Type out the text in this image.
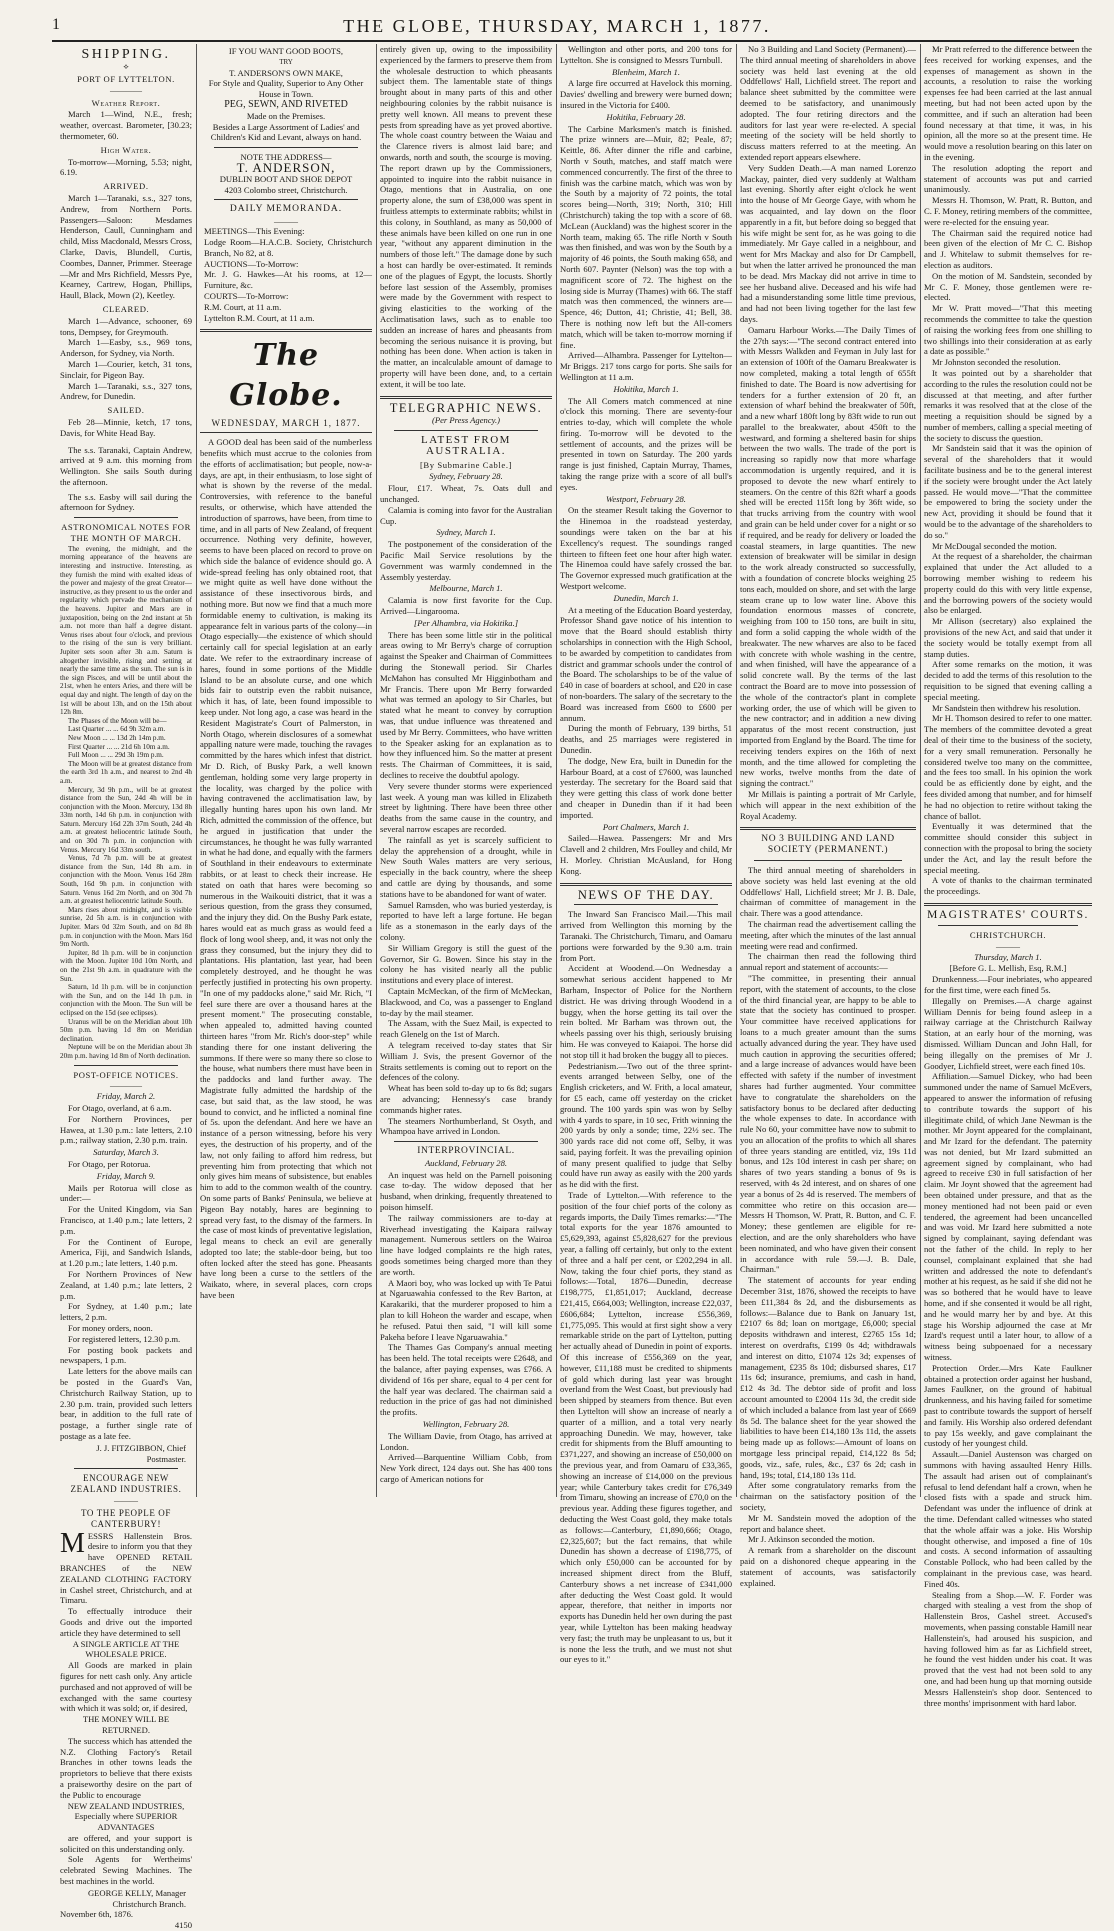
1	THE GLOBE, THURSDAY, MARCH 1, 1877.
SHIPPING.
⟡
PORT OF LYTTELTON.
————
Weather Report.

March 1—Wind, N.E., fresh; weather, overcast. Barometer, [30.23; thermometer, 60.

High Water.

To-morrow—Morning, 5.53; night, 6.19.

ARRIVED.

March 1—Taranaki, s.s., 327 tons, Andrew, from Northern Ports. Passengers—Saloon: Mesdames Henderson, Caull, Cunningham and child, Miss Macdonald, Messrs Cross, Clarke, Davis, Blundell, Curtis, Coombes, Danner, Primmer. Steerage—Mr and Mrs Richfield, Messrs Pye, Kearney, Cartrew, Hogan, Phillips, Haull, Black, Mown (2), Keetley.

CLEARED.

March 1—Advance, schooner, 69 tons, Dempsey, for Greymouth.

March 1—Easby, s.s., 969 tons, Anderson, for Sydney, via North.

March 1—Courier, ketch, 31 tons, Sinclair, for Pigeon Bay.

March 1—Taranaki, s.s., 327 tons, Andrew, for Dunedin.

SAILED.

Feb 28—Minnie, ketch, 17 tons, Davis, for White Head Bay.

The s.s. Taranaki, Captain Andrew, arrived at 9 a.m. this morning from Wellington. She sails South during the afternoon.

The s.s. Easby will sail during the afternoon for Sydney.

ASTRONOMICAL NOTES FOR THE MONTH OF MARCH.

The evening, the midnight, and the morning appearance of the heavens are interesting and instructive. Interesting, as they furnish the mind with exalted ideas of the power and majesty of the great Creator—instructive, as they present to us the order and regularity which pervade the mechanism of the heavens. Jupiter and Mars are in juxtaposition, being on the 2nd instant at 5h a.m. not more than half a degree distant. Venus rises about four o'clock, and previous to the rising of the sun is very brilliant. Jupiter sets soon after 3h a.m. Saturn is altogether invisible, rising and setting at nearly the same time as the sun. The sun is in the sign Pisces, and will be until about the 21st, when he enters Aries, and there will be equal day and night. The length of day on the 1st will be about 13h, and on the 15th about 12h 8m.

The Phases of the Moon will be—

Last Quarter ... ... 6d 9h 32m a.m.

New Moon ... ... 13d 2h 14m p.m.

First Quarter ... ... 21d 6h 10m a.m.

Full Moon ... ... 29d 3h 19m p.m.

The Moon will be at greatest distance from the earth 3rd 1h a.m., and nearest to 2nd 4h a.m.

Mercury, 3d 9h p.m., will be at greatest distance from the Sun, 24d 4h will be in conjunction with the Moon. Mercury, 13d 8h 33m north, 14d 6h p.m. in conjunction with Saturn. Mercury 16d 22h 37m South, 24d 4h a.m. at greatest heliocentric latitude South, and on 30d 7h p.m. in conjunction with Venus. Mercury 16d 33m south.

Venus, 7d 7h p.m. will be at greatest distance from the Sun, 14d 8h a.m. in conjunction with the Moon. Venus 16d 28m South, 16d 9h p.m. in conjunction with Saturn. Venus 16d 2m North, and on 30d 7h a.m. at greatest heliocentric latitude South.

Mars rises about midnight, and is visible sunrise, 2d 5h a.m. is in conjunction with Jupiter. Mars 0d 32m South, and on 8d 8h p.m. in conjunction with the Moon. Mars 16d 9m North.

Jupiter, 8d 1h p.m. will be in conjunction with the Moon. Jupiter 10d 10m North, and on the 21st 9h a.m. in quadrature with the Sun.

Saturn, 1d 1h p.m. will be in conjunction with the Sun, and on the 14d 1h p.m. in conjunction with the Moon. The Sun will be eclipsed on the 15d (see eclipses).

Uranus will be on the Meridian about 10h 50m p.m. having 1d 8m on Meridian declination.

Neptune will be on the Meridian about 3h 20m p.m. having 1d 8m of North declination.

POST-OFFICE NOTICES.
————
Friday, March 2.

For Otago, overland, at 6 a.m.

For Northern Provinces, per Hawea, at 1.30 p.m.: late letters, 2.10 p.m.; railway station, 2.30 p.m. train.

Saturday, March 3.

For Otago, per Rotorua.

Friday, March 9.

Mails per Rotorua will close as under:—

For the United Kingdom, via San Francisco, at 1.40 p.m.; late letters, 2 p.m.

For the Continent of Europe, America, Fiji, and Sandwich Islands, at 1.20 p.m.; late letters, 1.40 p.m.

For Northern Provinces of New Zealand, at 1.40 p.m.; late letters, 2 p.m.

For Sydney, at 1.40 p.m.; late letters, 2 p.m.

For money orders, noon.

For registered letters, 12.30 p.m.

For posting book packets and newspapers, 1 p.m.

Late letters for the above mails can be posted in the Guard's Van, Christchurch Railway Station, up to 2.30 p.m. train, provided such letters bear, in addition to the full rate of postage, a further single rate of postage as a late fee.

J. J. FITZGIBBON, Chief Postmaster.
ENCOURAGE NEW ZEALAND INDUSTRIES.
———
TO THE PEOPLE OF CANTERBURY!

MESSRS Hallenstein Bros. desire to inform you that they have OPENED RETAIL BRANCHES of the NEW ZEALAND CLOTHING FACTORY in Cashel street, Christchurch, and at Timaru.

To effectually introduce their Goods and drive out the imported article they have determined to sell

A SINGLE ARTICLE AT THE WHOLESALE PRICE.

All Goods are marked in plain figures for nett cash only. Any article purchased and not approved of will be exchanged with the same courtesy with which it was sold; or, if desired,

THE MONEY WILL BE RETURNED.

The success which has attended the N.Z. Clothing Factory's Retail Branches in other towns leads the proprietors to believe that there exists a praiseworthy desire on the part of the Public to encourage

NEW ZEALAND INDUSTRIES, Especially where SUPERIOR ADVANTAGES

are offered, and your support is solicited on this understanding only.

Sole Agents for Wertheims' celebrated Sewing Machines. The best machines in the world.

GEORGE KELLY, Manager Christchurch Branch.
November 6th, 1876.
4150
IF YOU WANT GOOD BOOTS,
TRY
T. ANDERSON'S OWN MAKE,
For Style and Quality, Superior to Any Other House in Town.
PEG, SEWN, AND RIVETED
Made on the Premises.
Besides a Large Assortment of Ladies' and Children's Kid and Levant, always on hand.
NOTE THE ADDRESS—
T. ANDERSON,
DUBLIN BOOT AND SHOE DEPOT
4203 Colombo street, Christchurch.
DAILY MEMORANDA.
———

MEETINGS—This Evening:

Lodge Room—H.A.C.B. Society, Christchurch Branch, No 82, at 8.

AUCTIONS—To-Morrow:

Mr. J. G. Hawkes—At his rooms, at 12—Furniture, &c.

COURTS—To-Morrow:

R.M. Court, at 11 a.m.

Lyttelton R.M. Court, at 11 a.m.

The Globe.
WEDNESDAY, MARCH 1, 1877.

A GOOD deal has been said of the numberless benefits which must accrue to the colonies from the efforts of acclimatisation; but people, now-a-days, are apt, in their enthusiasm, to lose sight of what is shown by the reverse of the medal. Controversies, with reference to the baneful results, or otherwise, which have attended the introduction of sparrows, have been, from time to time, and in all parts of New Zealand, of frequent occurrence. Nothing very definite, however, seems to have been placed on record to prove on which side the balance of evidence should go. A wide-spread feeling has only obtained root, that we might quite as well have done without the assistance of these insectivorous birds, and nothing more. But now we find that a much more formidable enemy to cultivation, is making its appearance felt in various parts of the colony—in Otago especially—the existence of which should certainly call for special legislation at an early date. We refer to the extraordinary increase of hares, found in some portions of the Middle Island to be an absolute curse, and one which bids fair to outstrip even the rabbit nuisance, which it has, of late, been found impossible to keep under. Not long ago, a case was heard in the Resident Magistrate's Court of Palmerston, in North Otago, wherein disclosures of a somewhat appalling nature were made, touching the ravages committed by the hares which infest that district. Mr D. Rich, of Busky Park, a well known gentleman, holding some very large property in the locality, was charged by the police with having contravened the acclimatisation law, by illegally hunting hares upon his own land. Mr Rich, admitted the commission of the offence, but he argued in justification that under the circumstances, he thought he was fully warranted in what he had done, and equally with the farmers of Southland in their endeavours to exterminate rabbits, or at least to check their increase. He stated on oath that hares were becoming so numerous in the Waikouiti district, that it was a serious question, from the grass they consumed, and the injury they did. On the Bushy Park estate, hares would eat as much grass as would feed a flock of long wool sheep, and, it was not only the grass they consumed, but the injury they did to plantations. His plantation, last year, had been completely destroyed, and he thought he was perfectly justified in protecting his own property. "In one of my paddocks alone," said Mr. Rich, "I feel sure there are over a thousand hares at the present moment." The prosecuting constable, when appealed to, admitted having counted thirteen hares "from Mr. Rich's door-step" while standing there for one instant delivering the summons. If there were so many there so close to the house, what numbers there must have been in the paddocks and land further away. The Magistrate fully admitted the hardship of the case, but said that, as the law stood, he was bound to convict, and he inflicted a nominal fine of 5s. upon the defendant. And here we have an instance of a person witnessing, before his very eyes, the destruction of his property, and of the law, not only failing to afford him redress, but preventing him from protecting that which not only gives him means of subsistence, but enables him to add to the common wealth of the country. On some parts of Banks' Peninsula, we believe at Pigeon Bay notably, hares are beginning to spread very fast, to the dismay of the farmers. In the case of most kinds of preventative legislation, legal means to check an evil are generally adopted too late; the stable-door being, but too often locked after the steed has gone. Pheasants have long been a curse to the settlers of the Waikato, where, in several places, corn crops have been

entirely given up, owing to the impossibility experienced by the farmers to preserve them from the wholesale destruction to which pheasants subject them. The lamentable state of things brought about in many parts of this and other neighbouring colonies by the rabbit nuisance is pretty well known. All means to prevent these pests from spreading have as yet proved abortive. The whole coast country between the Waiau and the Clarence rivers is almost laid bare; and onwards, north and south, the scourge is moving. The report drawn up by the Commissioners, appointed to inquire into the rabbit nuisance in Otago, mentions that in Australia, on one property alone, the sum of £38,000 was spent in fruitless attempts to exterminate rabbits; whilst in this colony, in Southland, as many as 50,000 of these animals have been killed on one run in one year, "without any apparent diminution in the numbers of those left." The damage done by such a host can hardly be over-estimated. It reminds one of the plagues of Egypt, the locusts. Shortly before last session of the Assembly, promises were made by the Government with respect to giving elasticities to the working of the Acclimatisation laws, such as to enable too sudden an increase of hares and pheasants from becoming the serious nuisance it is proving, but nothing has been done. When action is taken in the matter, an incalculable amount of damage to property will have been done, and, to a certain extent, it will be too late.

TELEGRAPHIC NEWS.
(Per Press Agency.)
LATEST FROM AUSTRALIA.
[By Submarine Cable.]
Sydney, February 28.

Flour, £17. Wheat, 7s. Oats dull and unchanged.

Calamia is coming into favor for the Australian Cup.

Sydney, March 1.

The postponement of the consideration of the Pacific Mail Service resolutions by the Government was warmly condemned in the Assembly yesterday.

Melbourne, March 1.

Calamia is now first favorite for the Cup. Arrived—Lingarooma.

[Per Alhambra, via Hokitika.]

There has been some little stir in the political areas owing to Mr Berry's charge of corruption against the Speaker and Chairman of Committees during the Stonewall period. Sir Charles McMahon has consulted Mr Higginbotham and Mr Francis. There upon Mr Berry forwarded what was termed an apology to Sir Charles, but stated what he meant to convey by corruption was, that undue influence was threatened and used by Mr Berry. Committees, who have written to the Speaker asking for an explanation as to how they influenced him. So the matter at present rests. The Chairman of Committees, it is said, declines to receive the doubtful apology.

Very severe thunder storms were experienced last week. A young man was killed in Elizabeth street by lightning. There have been three other deaths from the same cause in the country, and several narrow escapes are recorded.

The rainfall as yet is scarcely sufficient to delay the apprehension of a drought, while in New South Wales matters are very serious, especially in the back country, where the sheep and cattle are dying by thousands, and some stations have to be abandoned for want of water.

Samuel Ramsden, who was buried yesterday, is reported to have left a large fortune. He began life as a stonemason in the early days of the colony.

Sir William Gregory is still the guest of the Governor, Sir G. Bowen. Since his stay in the colony he has visited nearly all the public institutions and every place of interest.

Captain McMeckan, of the firm of McMeckan, Blackwood, and Co, was a passenger to England to-day by the mail steamer.

The Assam, with the Suez Mail, is expected to reach Glenelg on the 1st of March.

A telegram received to-day states that Sir William J. Svis, the present Governor of the Straits settlements is coming out to report on the defences of the colony.

Wheat has been sold to-day up to 6s 8d; sugars are advancing; Hennessy's case brandy commands higher rates.

The steamers Northumberland, St Osyth, and Whampoa have arrived in London.

INTERPROVINCIAL.
Auckland, February 28.

An inquest was held on the Parnell poisoning case to-day. The widow deposed that her husband, when drinking, frequently threatened to poison himself.

The railway commissioners are to-day at Riverhead investigating the Kaipara railway management. Numerous settlers on the Wairoa line have lodged complaints re the high rates, goods sometimes being charged more than they are worth.

A Maori boy, who was locked up with Te Patui at Ngaruawahia confessed to the Rev Barton, at Karakariki, that the murderer proposed to him a plan to kill Hoheon the warder and escape, when he refused. Patui then said, "I will kill some Pakeha before I leave Ngaruawahia."

The Thames Gas Company's annual meeting has been held. The total receipts were £2648, and the balance, after paying expenses, was £766. A dividend of 16s per share, equal to 4 per cent for the half year was declared. The chairman said a reduction in the price of gas had not diminished the profits.

Wellington, February 28.

The William Davie, from Otago, has arrived at London.

Arrived—Barquentine William Cobb, from New York direct, 124 days out. She has 400 tons cargo of American notions for

Wellington and other ports, and 200 tons for Lyttelton. She is consigned to Messrs Turnbull.

Blenheim, March 1.

A large fire occurred at Havelock this morning. Davies' dwelling and brewery were burned down; insured in the Victoria for £400.

Hokitika, February 28.

The Carbine Marksmen's match is finished. The prize winners are—Muir, 82; Peale, 87; Keittle, 86. After dinner the rifle and carbine, North v South, matches, and staff match were commenced concurrently. The first of the three to finish was the carbine match, which was won by the South by a majority of 72 points, the total scores being—North, 319; North, 310; Hill (Christchurch) taking the top with a score of 68. McLean (Auckland) was the highest scorer in the North team, making 65. The rifle North v South was then finished, and was won by the South by a majority of 46 points, the South making 658, and North 607. Paynter (Nelson) was the top with a magnificent score of 72. The highest on the losing side is Murray (Thames) with 66. The staff match was then commenced, the winners are—Spence, 46; Dutton, 41; Christie, 41; Bell, 38. There is nothing now left but the All-comers match, which will be taken to-morrow morning if fine.

Arrived—Alhambra. Passenger for Lyttelton—Mr Briggs. 217 tons cargo for ports. She sails for Wellington at 11 a.m.

Hokitika, March 1.

The All Comers match commenced at nine o'clock this morning. There are seventy-four entries to-day, which will complete the whole firing. To-morrow will be devoted to the settlement of accounts, and the prizes will be presented in town on Saturday. The 200 yards range is just finished, Captain Murray, Thames, taking the range prize with a score of all bull's eyes.

Westport, February 28.

On the steamer Result taking the Governor to the Hinemoa in the roadstead yesterday, soundings were taken on the bar at his Excellency's request. The soundings ranged thirteen to fifteen feet one hour after high water. The Hinemoa could have safely crossed the bar. The Governor expressed much gratification at the Westport welcome.

Dunedin, March 1.

At a meeting of the Education Board yesterday, Professor Shand gave notice of his intention to move that the Board should establish thirty scholarships in connection with the High School, to be awarded by competition to candidates from district and grammar schools under the control of the Board. The scholarships to be of the value of £40 in case of boarders at school, and £20 in case of non-boarders. The salary of the secretary to the Board was increased from £600 to £600 per annum.

During the month of February, 139 births, 51 deaths, and 25 marriages were registered in Dunedin.

The dodge, New Era, built in Dunedin for the Harbour Board, at a cost of £7600, was launched yesterday. The secretary for the Board said that they were getting this class of work done better and cheaper in Dunedin than if it had been imported.

Port Chalmers, March 1.

Sailed—Hawea. Passengers: Mr and Mrs Clavell and 2 children, Mrs Foulley and child, Mr H. Morley. Christian McAusland, for Hong Kong.

NEWS OF THE DAY.

The Inward San Francisco Mail.—This mail arrived from Wellington this morning by the Taranaki. The Christchurch, Timaru, and Oamaru portions were forwarded by the 9.30 a.m. train from Port.

Accident at Woodend.—On Wednesday a somewhat serious accident happened to Mr Barham, Inspector of Police for the Northern district. He was driving through Woodend in a buggy, when the horse getting its tail over the rein bolted. Mr Barham was thrown out, the wheels passing over his thigh, seriously bruising him. He was conveyed to Kaiapoi. The horse did not stop till it had broken the buggy all to pieces.

Pedestrianism.—Two out of the three sprint-events arranged between Selby, one of the English cricketers, and W. Frith, a local amateur, for £5 each, came off yesterday on the cricket ground. The 100 yards spin was won by Selby with 4 yards to spare, in 10 sec, Frith winning the 200 yards by only a sonde; time, 22½ sec. The 300 yards race did not come off, Selby, it was said, paying forfeit. It was the prevailing opinion of many present qualified to judge that Selby could have run away as easily with the 200 yards as he did with the first.

Trade of Lyttelton.—With reference to the position of the four chief ports of the colony as regards imports, the Daily Times remarks:—"The total exports for the year 1876 amounted to £5,629,393, against £5,828,627 for the previous year, a falling off certainly, but only to the extent of three and a half per cent, or £202,294 in all. Now, taking the four chief ports, they stand as follows:—Total, 1876—Dunedin, decrease £198,775, £1,851,017; Auckland, decrease £21,415, £664,003; Wellington, increase £22,037, £606,684; Lyttelton, increase £556,369, £1,775,095. This would at first sight show a very remarkable stride on the part of Lyttelton, putting her actually ahead of Dunedin in point of exports. Of this increase of £556,369 on the year, however, £11,188 must be credited to shipments of gold which during last year was brought overland from the West Coast, but previously had been shipped by steamers from thence. But even then Lyttelton will show an increase of nearly a quarter of a million, and a total very nearly approaching Dunedin. We may, however, take credit for shipments from the Bluff amounting to £371,227, and showing an increase of £50,000 on the previous year, and from Oamaru of £33,365, showing an increase of £14,000 on the previous year; while Canterbury takes credit for £76,349 from Timaru, showing an increase of £70,0 on the previous year. Adding these figures together, and deducting the West Coast gold, they make totals as follows:—Canterbury, £1,890,666; Otago, £2,325,607; but the fact remains, that while Dunedin has shown a decrease of £198,775, of which only £50,000 can be accounted for by increased shipment direct from the Bluff, Canterbury shows a net increase of £341,000 after deducting the West Coast gold. It would appear, therefore, that neither in imports nor exports has Dunedin held her own during the past year, while Lyttelton has been making headway very fast; the truth may be unpleasant to us, but it is none the less the truth, and we must not shut our eyes to it."

No 3 Building and Land Society (Permanent).—The third annual meeting of shareholders in above society was held last evening at the old Oddfellows' Hall, Lichfield street. The report and balance sheet submitted by the committee were deemed to be satisfactory, and unanimously adopted. The four retiring directors and the auditors for last year were re-elected. A special meeting of the society will be held shortly to discuss matters referred to at the meeting. An extended report appears elsewhere.

Very Sudden Death.—A man named Lorenzo Mackay, painter, died very suddenly at Waltham last evening. Shortly after eight o'clock he went into the house of Mr George Gaye, with whom he was acquainted, and lay down on the floor apparently in a fit, but before doing so begged that his wife might be sent for, as he was going to die immediately. Mr Gaye called in a neighbour, and went for Mrs Mackay and also for Dr Campbell, but when the latter arrived he pronounced the man to be dead. Mrs Mackay did not arrive in time to see her husband alive. Deceased and his wife had had a misunderstanding some little time previous, and had not been living together for the last few days.

Oamaru Harbour Works.—The Daily Times of the 27th says:—"The second contract entered into with Messrs Walkden and Feyman in July last for an extension of 100ft of the Oamaru Breakwater is now completed, making a total length of 655ft finished to date. The Board is now advertising for tenders for a further extension of 20 ft, an extension of wharf behind the breakwater of 50ft, and a new wharf 180ft long by 83ft wide to run out parallel to the breakwater, about 450ft to the westward, and forming a sheltered basin for ships between the two walls. The trade of the port is increasing so rapidly now that more wharfage accommodation is urgently required, and it is proposed to devote the new wharf entirely to steamers. On the centre of this 82ft wharf a goods shed will be erected 115ft long by 36ft wide, so that trucks arriving from the country with wool and grain can be held under cover for a night or so if required, and be ready for delivery or loaded the coastal steamers, in large quantities. The new extension of breakwater will be similar in design to the work already constructed so successfully, with a foundation of concrete blocks weighing 25 tons each, moulded on shore, and set with the large steam crane up to low water line. Above this foundation enormous masses of concrete, weighing from 100 to 150 tons, are built in situ, and form a solid capping the whole width of the breakwater. The new wharves are also to be faced with concrete with whole washing in the centre, and when finished, will have the appearance of a solid concrete wall. By the terms of the last contract the Board are to move into possession of the whole of the contractor's plant in complete working order, the use of which will be given to the new contractor; and in addition a new diving apparatus of the most recent construction, just imported from England by the Board. The time for receiving tenders expires on the 16th of next month, and the time allowed for completing the new works, twelve months from the date of signing the contract."

Mr Millais is painting a portrait of Mr Carlyle, which will appear in the next exhibition of the Royal Academy.

NO 3 BUILDING AND LAND SOCIETY (PERMANENT.)

The third annual meeting of shareholders in above society was held last evening at the old Oddfellows' Hall, Lichfield street; Mr J. B. Dale, chairman of committee of management in the chair. There was a good attendance.

The chairman read the advertisement calling the meeting, after which the minutes of the last annual meeting were read and confirmed.

The chairman then read the following third annual report and statement of accounts:—

"The committee, in presenting their annual report, with the statement of accounts, to the close of the third financial year, are happy to be able to state that the society has continued to prosper. Your committee have received applications for loans to a much greater amount than the sums actually advanced during the year. They have used much caution in approving the securities offered; and a large increase of advances would have been effected with safety if the number of investment shares had further augmented. Your committee have to congratulate the shareholders on the satisfactory bonus to be declared after deducting the whole expenses to date. In accordance with rule No 60, your committee have now to submit to you an allocation of the profits to which all shares of three years standing are entitled, viz, 19s 11d bonus, and 12s 10d interest in cash per share; on shares of two years standing a bonus of 9s is reserved, with 4s 2d interest, and on shares of one year a bonus of 2s 4d is reserved. The members of committee who retire on this occasion are—Messrs H Thomson, W. Pratt, R. Button, and C. F. Money; these gentlemen are eligible for re-election, and are the only shareholders who have been nominated, and who have given their consent in accordance with rule 59.—J. B. Dale, Chairman."

The statement of accounts for year ending December 31st, 1876, showed the receipts to have been £11,384 8s 2d, and the disbursements as follows:—Balance due to Bank on January 1st, £2107 6s 8d; loan on mortgage, £6,000; special deposits withdrawn and interest, £2765 15s 1d; interest on overdrafts, £199 0s 4d; withdrawals and interest on ditto, £1074 12s 3d; expenses of management, £235 8s 10d; disbursed shares, £17 11s 6d; insurance, premiums, and cash in hand, £12 4s 3d. The debtor side of profit and loss account amounted to £2004 11s 3d, the credit side of which included a balance from last year of £669 8s 5d. The balance sheet for the year showed the liabilities to have been £14,180 13s 11d, the assets being made up as follows:—Amount of loans on mortgage less principal repaid, £14,122 8s 5d; goods, viz., safe, rules, &c., £37 6s 2d; cash in hand, 19s; total, £14,180 13s 11d.

After some congratulatory remarks from the chairman on the satisfactory position of the society,

Mr M. Sandstein moved the adoption of the report and balance sheet.

Mr J. Atkinson seconded the motion.

A remark from a shareholder on the discount paid on a dishonored cheque appearing in the statement of accounts, was satisfactorily explained.

Mr Pratt referred to the difference between the fees received for working expenses, and the expenses of management as shown in the accounts, a resolution to raise the working expenses fee had been carried at the last annual meeting, but had not been acted upon by the committee, and if such an alteration had been found necessary at that time, it was, in his opinion, all the more so at the present time. He would move a resolution bearing on this later on in the evening.

The resolution adopting the report and statement of accounts was put and carried unanimously.

Messrs H. Thomson, W. Pratt, R. Button, and C. F. Money, retiring members of the committee, were re-elected for the ensuing year.

The Chairman said the required notice had been given of the election of Mr C. C. Bishop and J. Whitelaw to submit themselves for re-election as auditors.

On the motion of M. Sandstein, seconded by Mr C. F. Money, those gentlemen were re-elected.

Mr W. Pratt moved—"That this meeting recommends the committee to take the question of raising the working fees from one shilling to two shillings into their consideration at as early a date as possible."

Mr Johnston seconded the resolution.

It was pointed out by a shareholder that according to the rules the resolution could not be discussed at that meeting, and after further remarks it was resolved that at the close of the meeting a requisition should be signed by a number of members, calling a special meeting of the society to discuss the question.

Mr Sandstein said that it was the opinion of several of the shareholders that it would facilitate business and be to the general interest if the society were brought under the Act lately passed. He would move—"That the committee be empowered to bring the society under the new Act, providing it should be found that it would be to the advantage of the shareholders to do so."

Mr McDougal seconded the motion.

At the request of a shareholder, the chairman explained that under the Act alluded to a borrowing member wishing to redeem his property could do this with very little expense, and the borrowing powers of the society would also be enlarged.

Mr Allison (secretary) also explained the provisions of the new Act, and said that under it the society would be totally exempt from all stamp duties.

After some remarks on the motion, it was decided to add the terms of this resolution to the requisition to be signed that evening calling a special meeting.

Mr Sandstein then withdrew his resolution.

Mr H. Thomson desired to refer to one matter. The members of the committee devoted a great deal of their time to the business of the society, for a very small remuneration. Personally he considered twelve too many on the committee, and the fees too small. In his opinion the work could be as efficiently done by eight, and the fees divided among that number, and for himself he had no objection to retire without taking the chance of ballot.

Eventually it was determined that the committee should consider this subject in connection with the proposal to bring the society under the Act, and lay the result before the special meeting.

A vote of thanks to the chairman terminated the proceedings.

MAGISTRATES' COURTS.
CHRISTCHURCH.
———
Thursday, March 1.
[Before G. L. Mellish, Esq, R.M.]

Drunkenness.—Four inebriates, who appeared for the first time, were each fined 5s.

Illegally on Premises.—A charge against William Dennis for being found asleep in a railway carriage at the Christchurch Railway Station, at an early hour of the morning, was dismissed. William Duncan and John Hall, for being illegally on the premises of Mr J. Goodyer, Lichfield street, were each fined 10s.

Affiliation.—Samuel Dickey, who had been summoned under the name of Samuel McEvers, appeared to answer the information of refusing to contribute towards the support of his illegitimate child, of which Jane Newman is the mother. Mr Joynt appeared for the complainant, and Mr Izard for the defendant. The paternity was not denied, but Mr Izard submitted an agreement signed by complainant, who had agreed to receive £30 in full satisfaction of her claim. Mr Joynt showed that the agreement had been obtained under pressure, and that as the money mentioned had not been paid or even tendered, the agreement had been uncancelled and was void. Mr Izard here submitted a note signed by complainant, saying defendant was not the father of the child. In reply to her counsel, complainant explained that she had written and addressed the note to defendant's mother at his request, as he said if she did not he was so bothered that he would have to leave home, and if she consented it would be all right, and he would marry her by and bye. At this stage his Worship adjourned the case at Mr Izard's request until a later hour, to allow of a witness being subpoenaed for a necessary witness.

Protection Order.—Mrs Kate Faulkner obtained a protection order against her husband, James Faulkner, on the ground of habitual drunkenness, and his having failed for sometime past to contribute towards the support of herself and family. His Worship also ordered defendant to pay 15s weekly, and gave complainant the custody of her youngest child.

Assault.—Daniel Austenson was charged on summons with having assaulted Henry Hills. The assault had arisen out of complainant's refusal to lend defendant half a crown, when he closed fists with a spade and struck him. Defendant was under the influence of drink at the time. Defendant called witnesses who stated that the whole affair was a joke. His Worship thought otherwise, and imposed a fine of 10s and costs. A second information of assaulting Constable Pollock, who had been called by the complainant in the previous case, was heard. Fined 40s.

Stealing from a Shop.—W. F. Forder was charged with stealing a vest from the shop of Hallenstein Bros, Cashel street. Accused's movements, when passing constable Hamill near Hallenstein's, had aroused his suspicion, and having followed him as far as Lichfield street, he found the vest hidden under his coat. It was proved that the vest had not been sold to any one, and had been hung up that morning outside Messrs Hallenstein's shop door. Sentenced to three months' imprisonment with hard labor.
